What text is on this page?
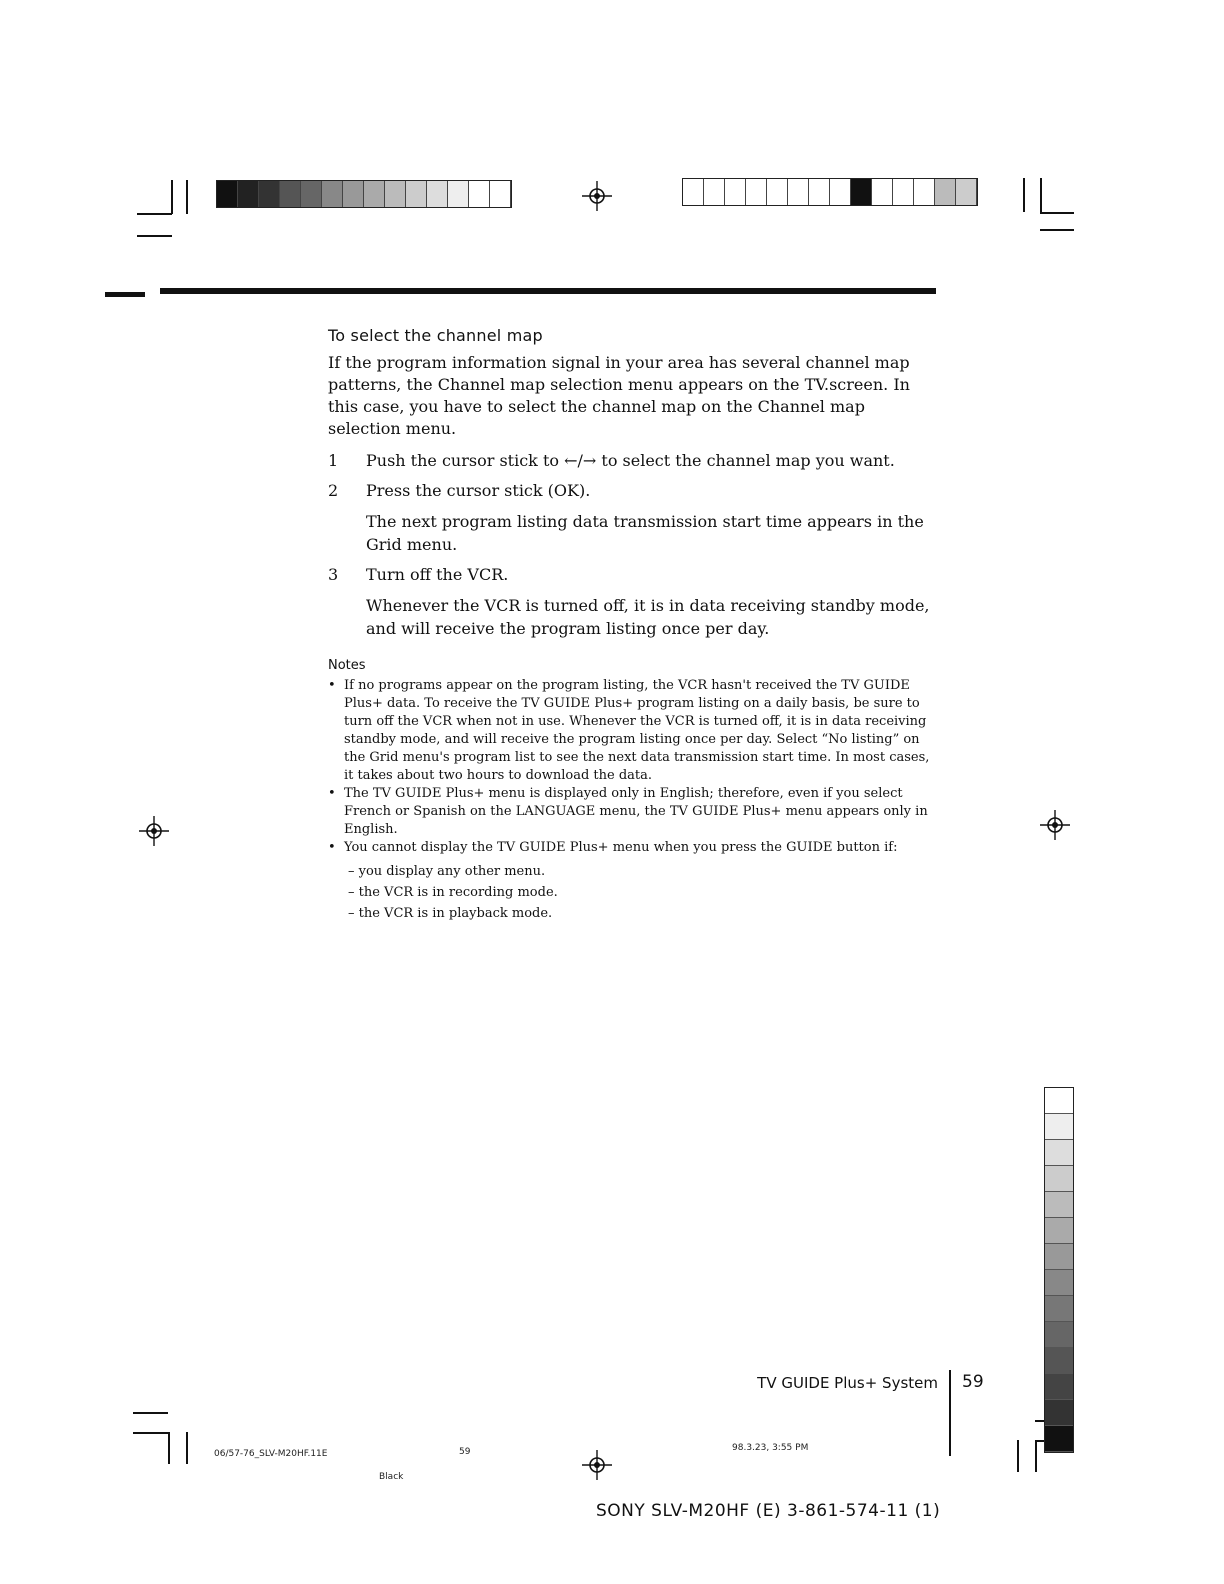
To select the channel map

If the program information signal in your area has several channel map patterns, the Channel map selection menu appears on the TV.screen. In this case, you have to select the channel map on the Channel map selection menu.

1	Push the cursor stick to ←/→ to select the channel map you want.
2	Press the cursor stick (OK).

The next program listing data transmission start time appears in the Grid menu.

3	Turn off the VCR.

Whenever the VCR is turned off, it is in data receiving standby mode, and will receive the program listing once per day.

Notes
• If no programs appear on the program listing, the VCR hasn't received the TV GUIDE Plus+ data. To receive the TV GUIDE Plus+ program listing on a daily basis, be sure to turn off the VCR when not in use. Whenever the VCR is turned off, it is in data receiving standby mode, and will receive the program listing once per day. Select “No listing” on the Grid menu's program list to see the next data transmission start time. In most cases, it takes about two hours to download the data.
• The TV GUIDE Plus+ menu is displayed only in English; therefore, even if you select French or Spanish on the LANGUAGE menu, the TV GUIDE Plus+ menu appears only in English.
• You cannot display the TV GUIDE Plus+ menu when you press the GUIDE button if:
– you display any other menu.
– the VCR is in recording mode.
– the VCR is in playback mode.
TV GUIDE Plus+ System 59
06/57-76_SLV-M20HF.11E	59	98.3.23, 3:55 PM
Black
SONY SLV-M20HF (E) 3-861-574-11 (1)
